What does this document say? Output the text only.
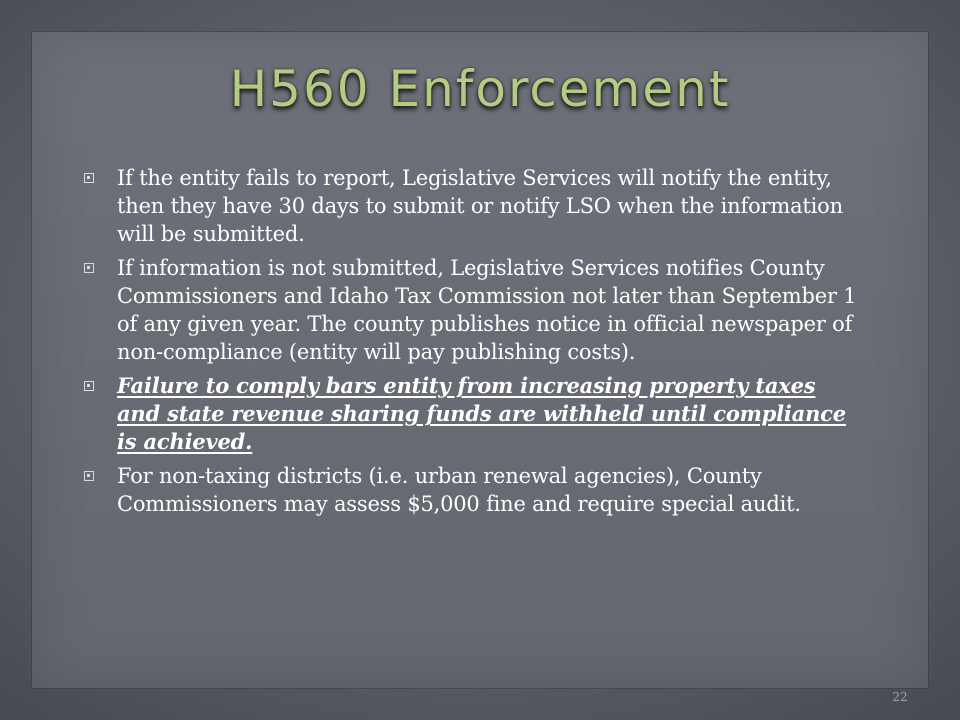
H560 Enforcement
If the entity fails to report, Legislative Services will notify the entity, then they have 30 days to submit or notify LSO when the information will be submitted.
If information is not submitted, Legislative Services notifies County Commissioners and Idaho Tax Commission not later than September 1 of any given year. The county publishes notice in official newspaper of non-compliance (entity will pay publishing costs).
Failure to comply bars entity from increasing property taxes and state revenue sharing funds are withheld until compliance is achieved.
For non-taxing districts (i.e. urban renewal agencies), County Commissioners may assess $5,000 fine and require special audit.
22
